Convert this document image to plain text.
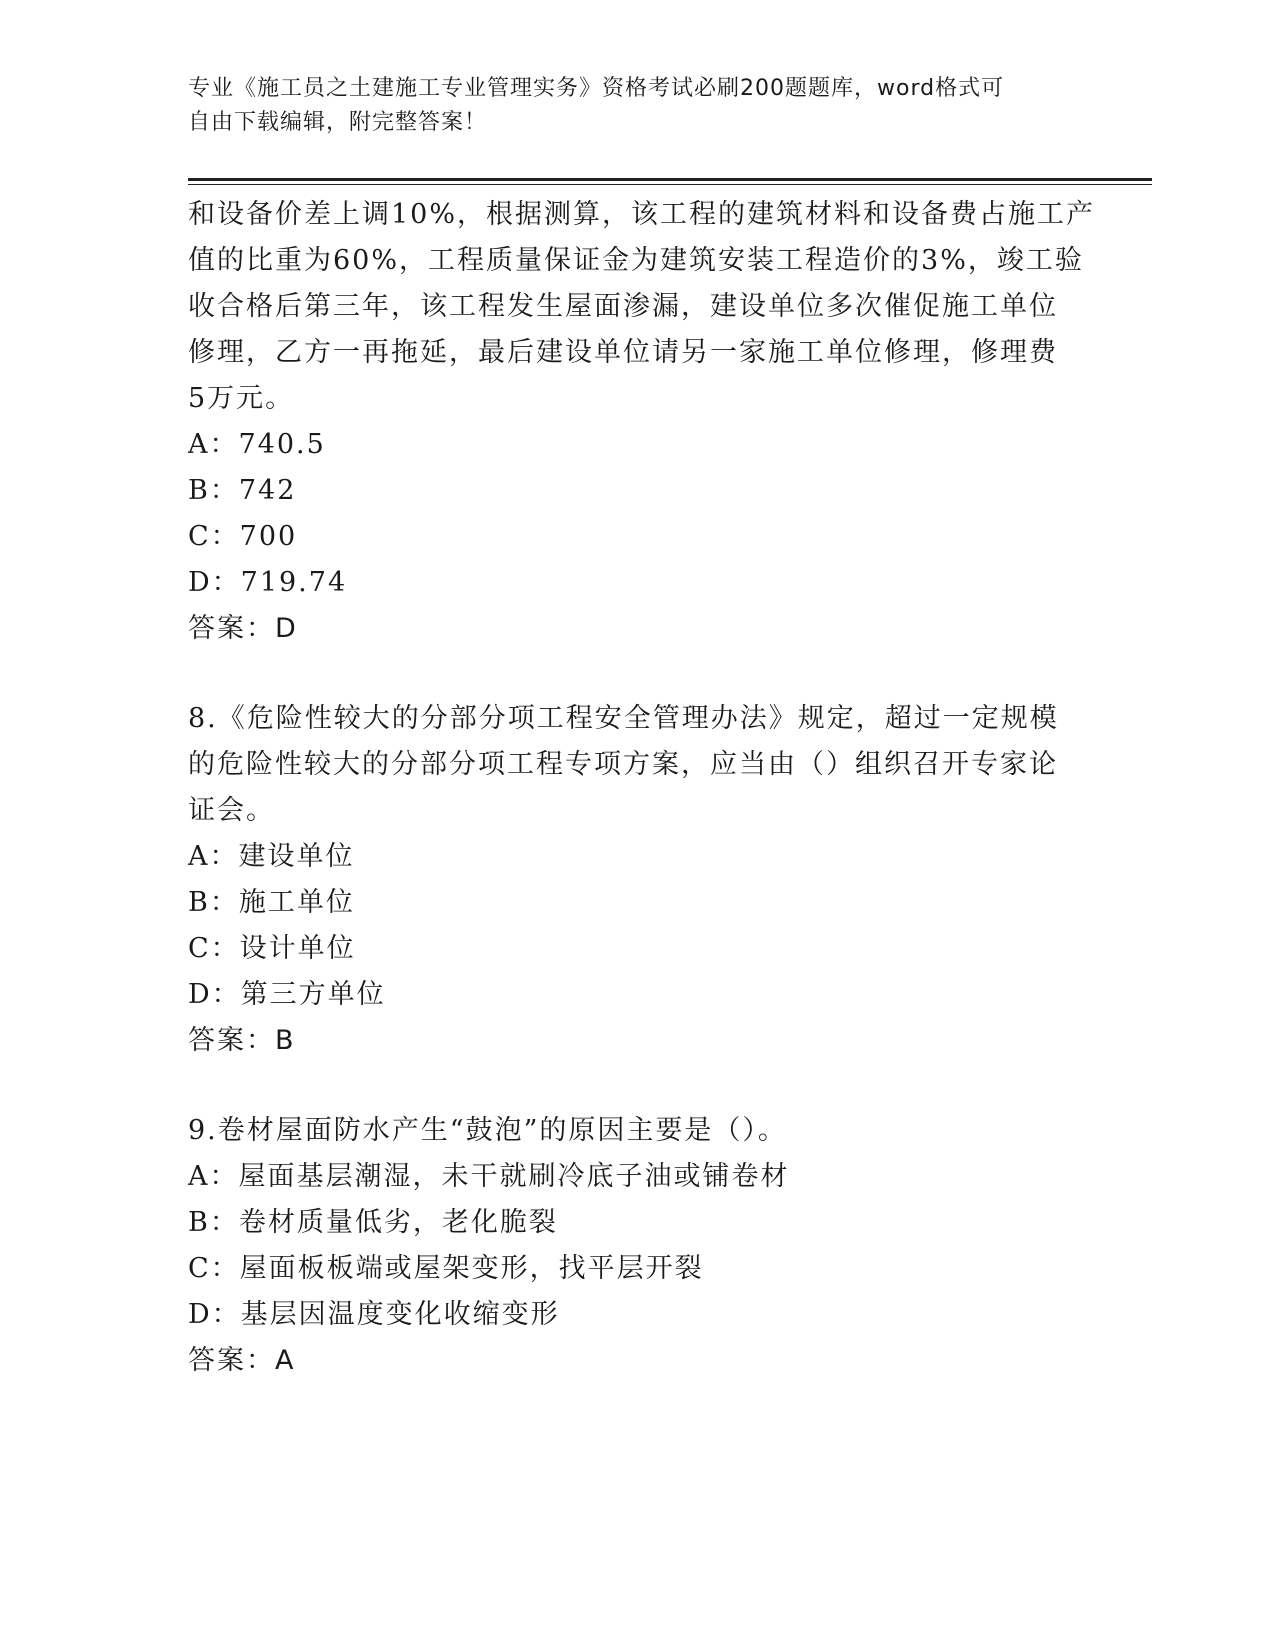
专业《施工员之土建施工专业管理实务》资格考试必刷200题题库，word格式可
自由下载编辑，附完整答案！
和设备价差上调10%，根据测算，该工程的建筑材料和设备费占施工产
值的比重为60%，工程质量保证金为建筑安装工程造价的3%，竣工验
收合格后第三年，该工程发生屋面渗漏，建设单位多次催促施工单位
修理，乙方一再拖延，最后建设单位请另一家施工单位修理，修理费
5万元。
A：740.5
B：742
C：700
D：719.74
答案：D
8.《危险性较大的分部分项工程安全管理办法》规定，超过一定规模
的危险性较大的分部分项工程专项方案，应当由（）组织召开专家论
证会。
A：建设单位
B：施工单位
C：设计单位
D：第三方单位
答案：B
9.卷材屋面防水产生“鼓泡”的原因主要是（）。
A：屋面基层潮湿，未干就刷冷底子油或铺卷材
B：卷材质量低劣，老化脆裂
C：屋面板板端或屋架变形，找平层开裂
D：基层因温度变化收缩变形
答案：A
